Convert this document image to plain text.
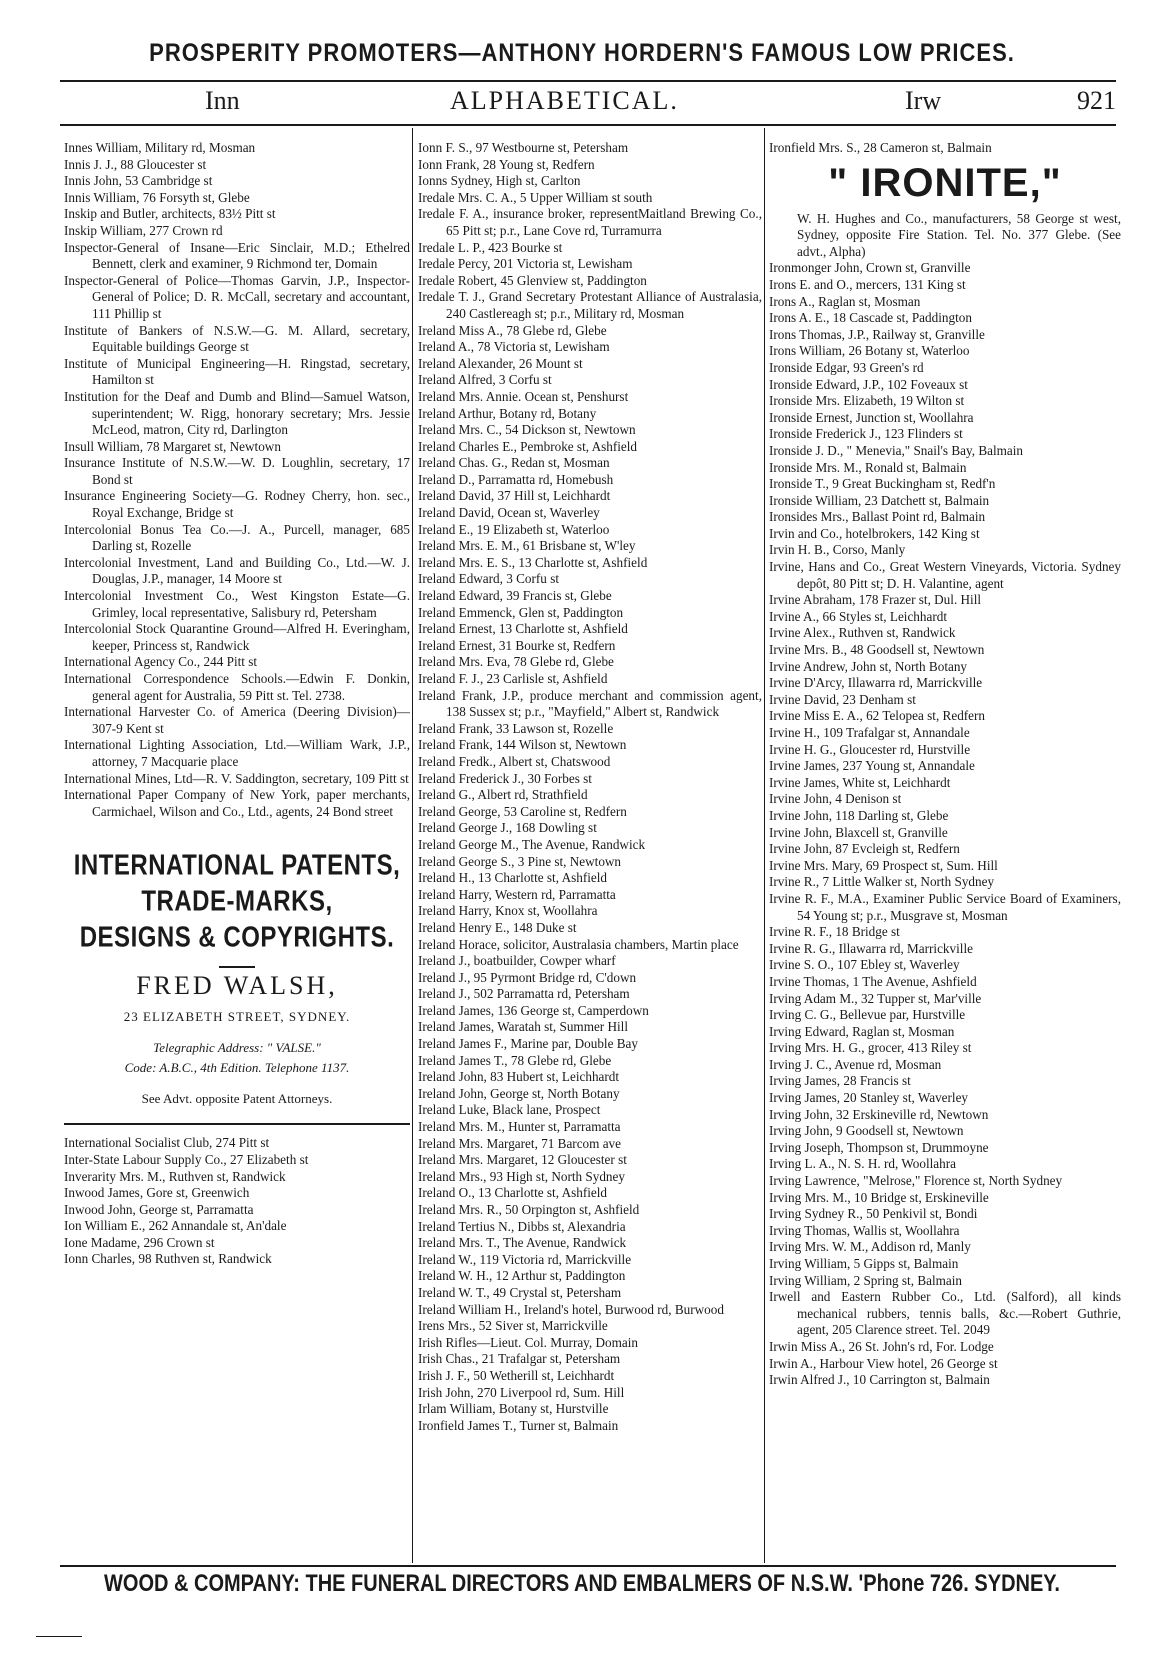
PROSPERITY PROMOTERS—ANTHONY HORDERN'S FAMOUS LOW PRICES.
Inn	ALPHABETICAL.	Irw	921
Innes William, Military rd, Mosman
Innis J. J., 88 Gloucester st
Innis John, 53 Cambridge st
Innis William, 76 Forsyth st, Glebe
Inskip and Butler, architects, 83½ Pitt st
Inskip William, 277 Crown rd
Inspector-General of Insane—Eric Sinclair, M.D.; Ethelred Bennett, clerk and examiner, 9 Richmond ter, Domain
Inspector-General of Police—Thomas Garvin, J.P., Inspector-General of Police; D. R. McCall, secretary and accountant, 111 Phillip st
Institute of Bankers of N.S.W.—G. M. Allard, secretary, Equitable buildings George st
Institute of Municipal Engineering—H. Ringstad, secretary, Hamilton st
Institution for the Deaf and Dumb and Blind—Samuel Watson, superintendent; W. Rigg, honorary secretary; Mrs. Jessie McLeod, matron, City rd, Darlington
Insull William, 78 Margaret st, Newtown
Insurance Institute of N.S.W.—W. D. Loughlin, secretary, 17 Bond st
Insurance Engineering Society—G. Rodney Cherry, hon. sec., Royal Exchange, Bridge st
Intercolonial Bonus Tea Co.—J. A., Purcell, manager, 685 Darling st, Rozelle
Intercolonial Investment, Land and Building Co., Ltd.—W. J. Douglas, J.P., manager, 14 Moore st
Intercolonial Investment Co., West Kingston Estate—G. Grimley, local representative, Salisbury rd, Petersham
Intercolonial Stock Quarantine Ground—Alfred H. Everingham, keeper, Princess st, Randwick
International Agency Co., 244 Pitt st
International Correspondence Schools.—Edwin F. Donkin, general agent for Australia, 59 Pitt st. Tel. 2738.
International Harvester Co. of America (Deering Division)—307-9 Kent st
International Lighting Association, Ltd.—William Wark, J.P., attorney, 7 Macquarie place
International Mines, Ltd—R. V. Saddington, secretary, 109 Pitt st
International Paper Company of New York, paper merchants, Carmichael, Wilson and Co., Ltd., agents, 24 Bond street
INTERNATIONAL PATENTS,
TRADE-MARKS,
DESIGNS & COPYRIGHTS.
FRED WALSH,
23 ELIZABETH STREET, SYDNEY.
Telegraphic Address: " VALSE."
Code: A.B.C., 4th Edition. Telephone 1137.
See Advt. opposite Patent Attorneys.
International Socialist Club, 274 Pitt st
Inter-State Labour Supply Co., 27 Elizabeth st
Inverarity Mrs. M., Ruthven st, Randwick
Inwood James, Gore st, Greenwich
Inwood John, George st, Parramatta
Ion William E., 262 Annandale st, An'dale
Ione Madame, 296 Crown st
Ionn Charles, 98 Ruthven st, Randwick
Ionn F. S., 97 Westbourne st, Petersham
Ionn Frank, 28 Young st, Redfern
Ionns Sydney, High st, Carlton
Iredale Mrs. C. A., 5 Upper William st south
Iredale F. A., insurance broker, representMaitland Brewing Co., 65 Pitt st; p.r., Lane Cove rd, Turramurra
Iredale L. P., 423 Bourke st
Iredale Percy, 201 Victoria st, Lewisham
Iredale Robert, 45 Glenview st, Paddington
Iredale T. J., Grand Secretary Protestant Alliance of Australasia, 240 Castlereagh st; p.r., Military rd, Mosman
Ireland Miss A., 78 Glebe rd, Glebe
Ireland A., 78 Victoria st, Lewisham
Ireland Alexander, 26 Mount st
Ireland Alfred, 3 Corfu st
Ireland Mrs. Annie. Ocean st, Penshurst
Ireland Arthur, Botany rd, Botany
Ireland Mrs. C., 54 Dickson st, Newtown
Ireland Charles E., Pembroke st, Ashfield
Ireland Chas. G., Redan st, Mosman
Ireland D., Parramatta rd, Homebush
Ireland David, 37 Hill st, Leichhardt
Ireland David, Ocean st, Waverley
Ireland E., 19 Elizabeth st, Waterloo
Ireland Mrs. E. M., 61 Brisbane st, W'ley
Ireland Mrs. E. S., 13 Charlotte st, Ashfield
Ireland Edward, 3 Corfu st
Ireland Edward, 39 Francis st, Glebe
Ireland Emmenck, Glen st, Paddington
Ireland Ernest, 13 Charlotte st, Ashfield
Ireland Ernest, 31 Bourke st, Redfern
Ireland Mrs. Eva, 78 Glebe rd, Glebe
Ireland F. J., 23 Carlisle st, Ashfield
Ireland Frank, J.P., produce merchant and commission agent, 138 Sussex st; p.r., "Mayfield," Albert st, Randwick
Ireland Frank, 33 Lawson st, Rozelle
Ireland Frank, 144 Wilson st, Newtown
Ireland Fredk., Albert st, Chatswood
Ireland Frederick J., 30 Forbes st
Ireland G., Albert rd, Strathfield
Ireland George, 53 Caroline st, Redfern
Ireland George J., 168 Dowling st
Ireland George M., The Avenue, Randwick
Ireland George S., 3 Pine st, Newtown
Ireland H., 13 Charlotte st, Ashfield
Ireland Harry, Western rd, Parramatta
Ireland Harry, Knox st, Woollahra
Ireland Henry E., 148 Duke st
Ireland Horace, solicitor, Australasia chambers, Martin place
Ireland J., boatbuilder, Cowper wharf
Ireland J., 95 Pyrmont Bridge rd, C'down
Ireland J., 502 Parramatta rd, Petersham
Ireland James, 136 George st, Camperdown
Ireland James, Waratah st, Summer Hill
Ireland James F., Marine par, Double Bay
Ireland James T., 78 Glebe rd, Glebe
Ireland John, 83 Hubert st, Leichhardt
Ireland John, George st, North Botany
Ireland Luke, Black lane, Prospect
Ireland Mrs. M., Hunter st, Parramatta
Ireland Mrs. Margaret, 71 Barcom ave
Ireland Mrs. Margaret, 12 Gloucester st
Ireland Mrs., 93 High st, North Sydney
Ireland O., 13 Charlotte st, Ashfield
Ireland Mrs. R., 50 Orpington st, Ashfield
Ireland Tertius N., Dibbs st, Alexandria
Ireland Mrs. T., The Avenue, Randwick
Ireland W., 119 Victoria rd, Marrickville
Ireland W. H., 12 Arthur st, Paddington
Ireland W. T., 49 Crystal st, Petersham
Ireland William H., Ireland's hotel, Burwood rd, Burwood
Irens Mrs., 52 Siver st, Marrickville
Irish Rifles—Lieut. Col. Murray, Domain
Irish Chas., 21 Trafalgar st, Petersham
Irish J. F., 50 Wetherill st, Leichhardt
Irish John, 270 Liverpool rd, Sum. Hill
Irlam William, Botany st, Hurstville
Ironfield James T., Turner st, Balmain
Ironfield Mrs. S., 28 Cameron st, Balmain
" IRONITE,"
W. H. Hughes and Co., manufacturers, 58 George st west, Sydney, opposite Fire Station. Tel. No. 377 Glebe. (See advt., Alpha)
Ironmonger John, Crown st, Granville
Irons E. and O., mercers, 131 King st
Irons A., Raglan st, Mosman
Irons A. E., 18 Cascade st, Paddington
Irons Thomas, J.P., Railway st, Granville
Irons William, 26 Botany st, Waterloo
Ironside Edgar, 93 Green's rd
Ironside Edward, J.P., 102 Foveaux st
Ironside Mrs. Elizabeth, 19 Wilton st
Ironside Ernest, Junction st, Woollahra
Ironside Frederick J., 123 Flinders st
Ironside J. D., " Menevia," Snail's Bay, Balmain
Ironside Mrs. M., Ronald st, Balmain
Ironside T., 9 Great Buckingham st, Redf'n
Ironside William, 23 Datchett st, Balmain
Ironsides Mrs., Ballast Point rd, Balmain
Irvin and Co., hotelbrokers, 142 King st
Irvin H. B., Corso, Manly
Irvine, Hans and Co., Great Western Vineyards, Victoria. Sydney depôt, 80 Pitt st; D. H. Valantine, agent
Irvine Abraham, 178 Frazer st, Dul. Hill
Irvine A., 66 Styles st, Leichhardt
Irvine Alex., Ruthven st, Randwick
Irvine Mrs. B., 48 Goodsell st, Newtown
Irvine Andrew, John st, North Botany
Irvine D'Arcy, Illawarra rd, Marrickville
Irvine David, 23 Denham st
Irvine Miss E. A., 62 Telopea st, Redfern
Irvine H., 109 Trafalgar st, Annandale
Irvine H. G., Gloucester rd, Hurstville
Irvine James, 237 Young st, Annandale
Irvine James, White st, Leichhardt
Irvine John, 4 Denison st
Irvine John, 118 Darling st, Glebe
Irvine John, Blaxcell st, Granville
Irvine John, 87 Evcleigh st, Redfern
Irvine Mrs. Mary, 69 Prospect st, Sum. Hill
Irvine R., 7 Little Walker st, North Sydney
Irvine R. F., M.A., Examiner Public Service Board of Examiners, 54 Young st; p.r., Musgrave st, Mosman
Irvine R. F., 18 Bridge st
Irvine R. G., Illawarra rd, Marrickville
Irvine S. O., 107 Ebley st, Waverley
Irvine Thomas, 1 The Avenue, Ashfield
Irving Adam M., 32 Tupper st, Mar'ville
Irving C. G., Bellevue par, Hurstville
Irving Edward, Raglan st, Mosman
Irving Mrs. H. G., grocer, 413 Riley st
Irving J. C., Avenue rd, Mosman
Irving James, 28 Francis st
Irving James, 20 Stanley st, Waverley
Irving John, 32 Erskineville rd, Newtown
Irving John, 9 Goodsell st, Newtown
Irving Joseph, Thompson st, Drummoyne
Irving L. A., N. S. H. rd, Woollahra
Irving Lawrence, "Melrose," Florence st, North Sydney
Irving Mrs. M., 10 Bridge st, Erskineville
Irving Sydney R., 50 Penkivil st, Bondi
Irving Thomas, Wallis st, Woollahra
Irving Mrs. W. M., Addison rd, Manly
Irving William, 5 Gipps st, Balmain
Irving William, 2 Spring st, Balmain
Irwell and Eastern Rubber Co., Ltd. (Salford), all kinds mechanical rubbers, tennis balls, &c.—Robert Guthrie, agent, 205 Clarence street. Tel. 2049
Irwin Miss A., 26 St. John's rd, For. Lodge
Irwin A., Harbour View hotel, 26 George st
Irwin Alfred J., 10 Carrington st, Balmain
WOOD & COMPANY: THE FUNERAL DIRECTORS AND EMBALMERS OF N.S.W. 'Phone 726. SYDNEY.
